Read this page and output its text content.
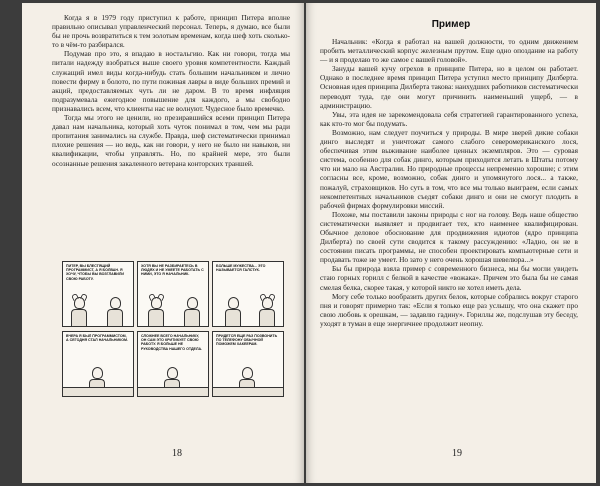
Когда я в 1979 году приступил к работе, принцип Питера вполне правильно описывал управленческий персонал. Теперь, я думаю, все были бы не прочь возвратиться к тем золотым временам, когда шеф хоть сколько-то в чём-то разбирался.

Подумав про это, я впадаю в ностальгию. Как ни говори, тогда мы питали надежду взобраться выше своего уровня компетентности. Каждый служащий имел виды когда-нибудь стать большим начальником и лично повести фирму в болото, по пути пожиная лавры в виде больших премий и акций, предоставляемых чуть ли не даром. В то время инфляция подразумевала ежегодное повышение для каждого, а мы свободно признавались всем, что клиенты нас не волнуют. Чудесное было времечко.

Тогда мы этого не ценили, но презиравшийся всеми принцип Питера давал нам начальника, который хоть чуток понимал в том, чем мы ради пропитания занимались на службе. Правда, шеф систематически принимал плохие решения — но ведь, как ни говори, у него не было ни навыков, ни квалификации, чтобы управлять. Но, по крайней мере, это были осознанные решения закаленного ветерана конторских траншей.

ПИТЕР, ВЫ БЛЕСТЯЩИЙ ПРОГРАММИСТ, А Я БОЛВАН. Я ХОЧУ, ЧТОБЫ ВЫ ВОЗГЛАВИЛИ СВОЮ РАБОТУ.
ХОТЯ ВЫ НЕ РАЗБИРАЕТЕСЬ В ЛЮДЯХ И НЕ УМЕЕТЕ РАБОТАТЬ С НИМИ, ЭТО Я НАЧАЛЬНИК.
БОЛЬШЕ МУЖЕСТВА... ЭТО НАЗЫВАЕТСЯ ГАЛСТУК.
ВЧЕРА Я БЫЛ ПРОГРАММИСТОМ, А СЕГОДНЯ СТАЛ НАЧАЛЬНИКОМ.
СЛОЖНЕЕ ВСЕГО НАЧАЛЬНИКУ, ОН САМ ЭТО КРИТИКУЕТ СВОЮ РАБОТУ. Я БОЛЬШЕ НЕ РУКОВОДСТВА НАШЕГО ОТДЕЛА.
ПРИДЕТСЯ ЕЩЕ РАЗ ПОЗВОНИТЬ ПО ТЕЛЕФОНУ ОБЫЧНОЙ ПОМОЖЕМ ХАКЕЕРАМ.
18
Пример

Начальник: «Когда я работал на вашей должности, то одним движением пробить металлический корпус железным прутом. Еще одно опоздание на работу — и я проделаю то же самое с вашей головой».

Зануды вашей кучу огрехов в принципе Питера, но в целом он работает. Однако в последнее время принцип Питера уступил место принципу Дилберта. Основная идея принципа Дилберта такова: наихудших работников систематически переводят туда, где они могут причинить наименьший ущерб, — в администрацию.

Увы, эта идея не зарекомендовала себя стратегией гарантированного успеха, как кто-то мог бы подумать.

Возможно, нам следует поучиться у природы. В мире зверей дикие собаки динго выследят и уничтожат самого слабого северомериканского лося, обеспечивая этим выживание наиболее ценных экземпляров. Это — суровая система, особенно для собак динго, которым приходится летать в Штаты потому что ни мало на Австралии. Но природные процессы непременно хорошие; с этим согласны все, кроме, возможно, собак динго и упомянутого лося... а также, пожалуй, страховщиков. Но суть в том, что все мы только выиграем, если самых некомпетентных начальников съедят собаки динго и они не смогут плодить в рабочей фирмах формулировки миссий.

Похоже, мы поставили законы природы с ног на голову. Ведь наше общество систематически выявляет и продвигает тех, кто наименее квалифицирован. Обычное деловое обоснование для продвижения идиотов (ядро принципа Дилберта) по своей сути сводится к такому рассуждению: «Ладно, он не в состоянии писать программы, не способен проектировать компьютерные сети и продавать тоже не умеет. Но зато у него очень хорошая шевелюра...»

Бы бы природа взяла пример с современного бизнеса, мы бы могли увидеть стаю горных горилл с белкой в качестве «вожака». Причем это была бы не самая смелая белка, скорее такая, у которой никто не хотел иметь дела.

Могу себе только вообразить других белок, которые собрались вокруг старого пня и говорят примерно так: «Если я только еще раз услышу, что она скажет про свою любовь к орешкам, — задавлю гадину». Гориллы же, подслушав эту беседу, уходят в туман в еще энергичнее продолжит неопну.

19
